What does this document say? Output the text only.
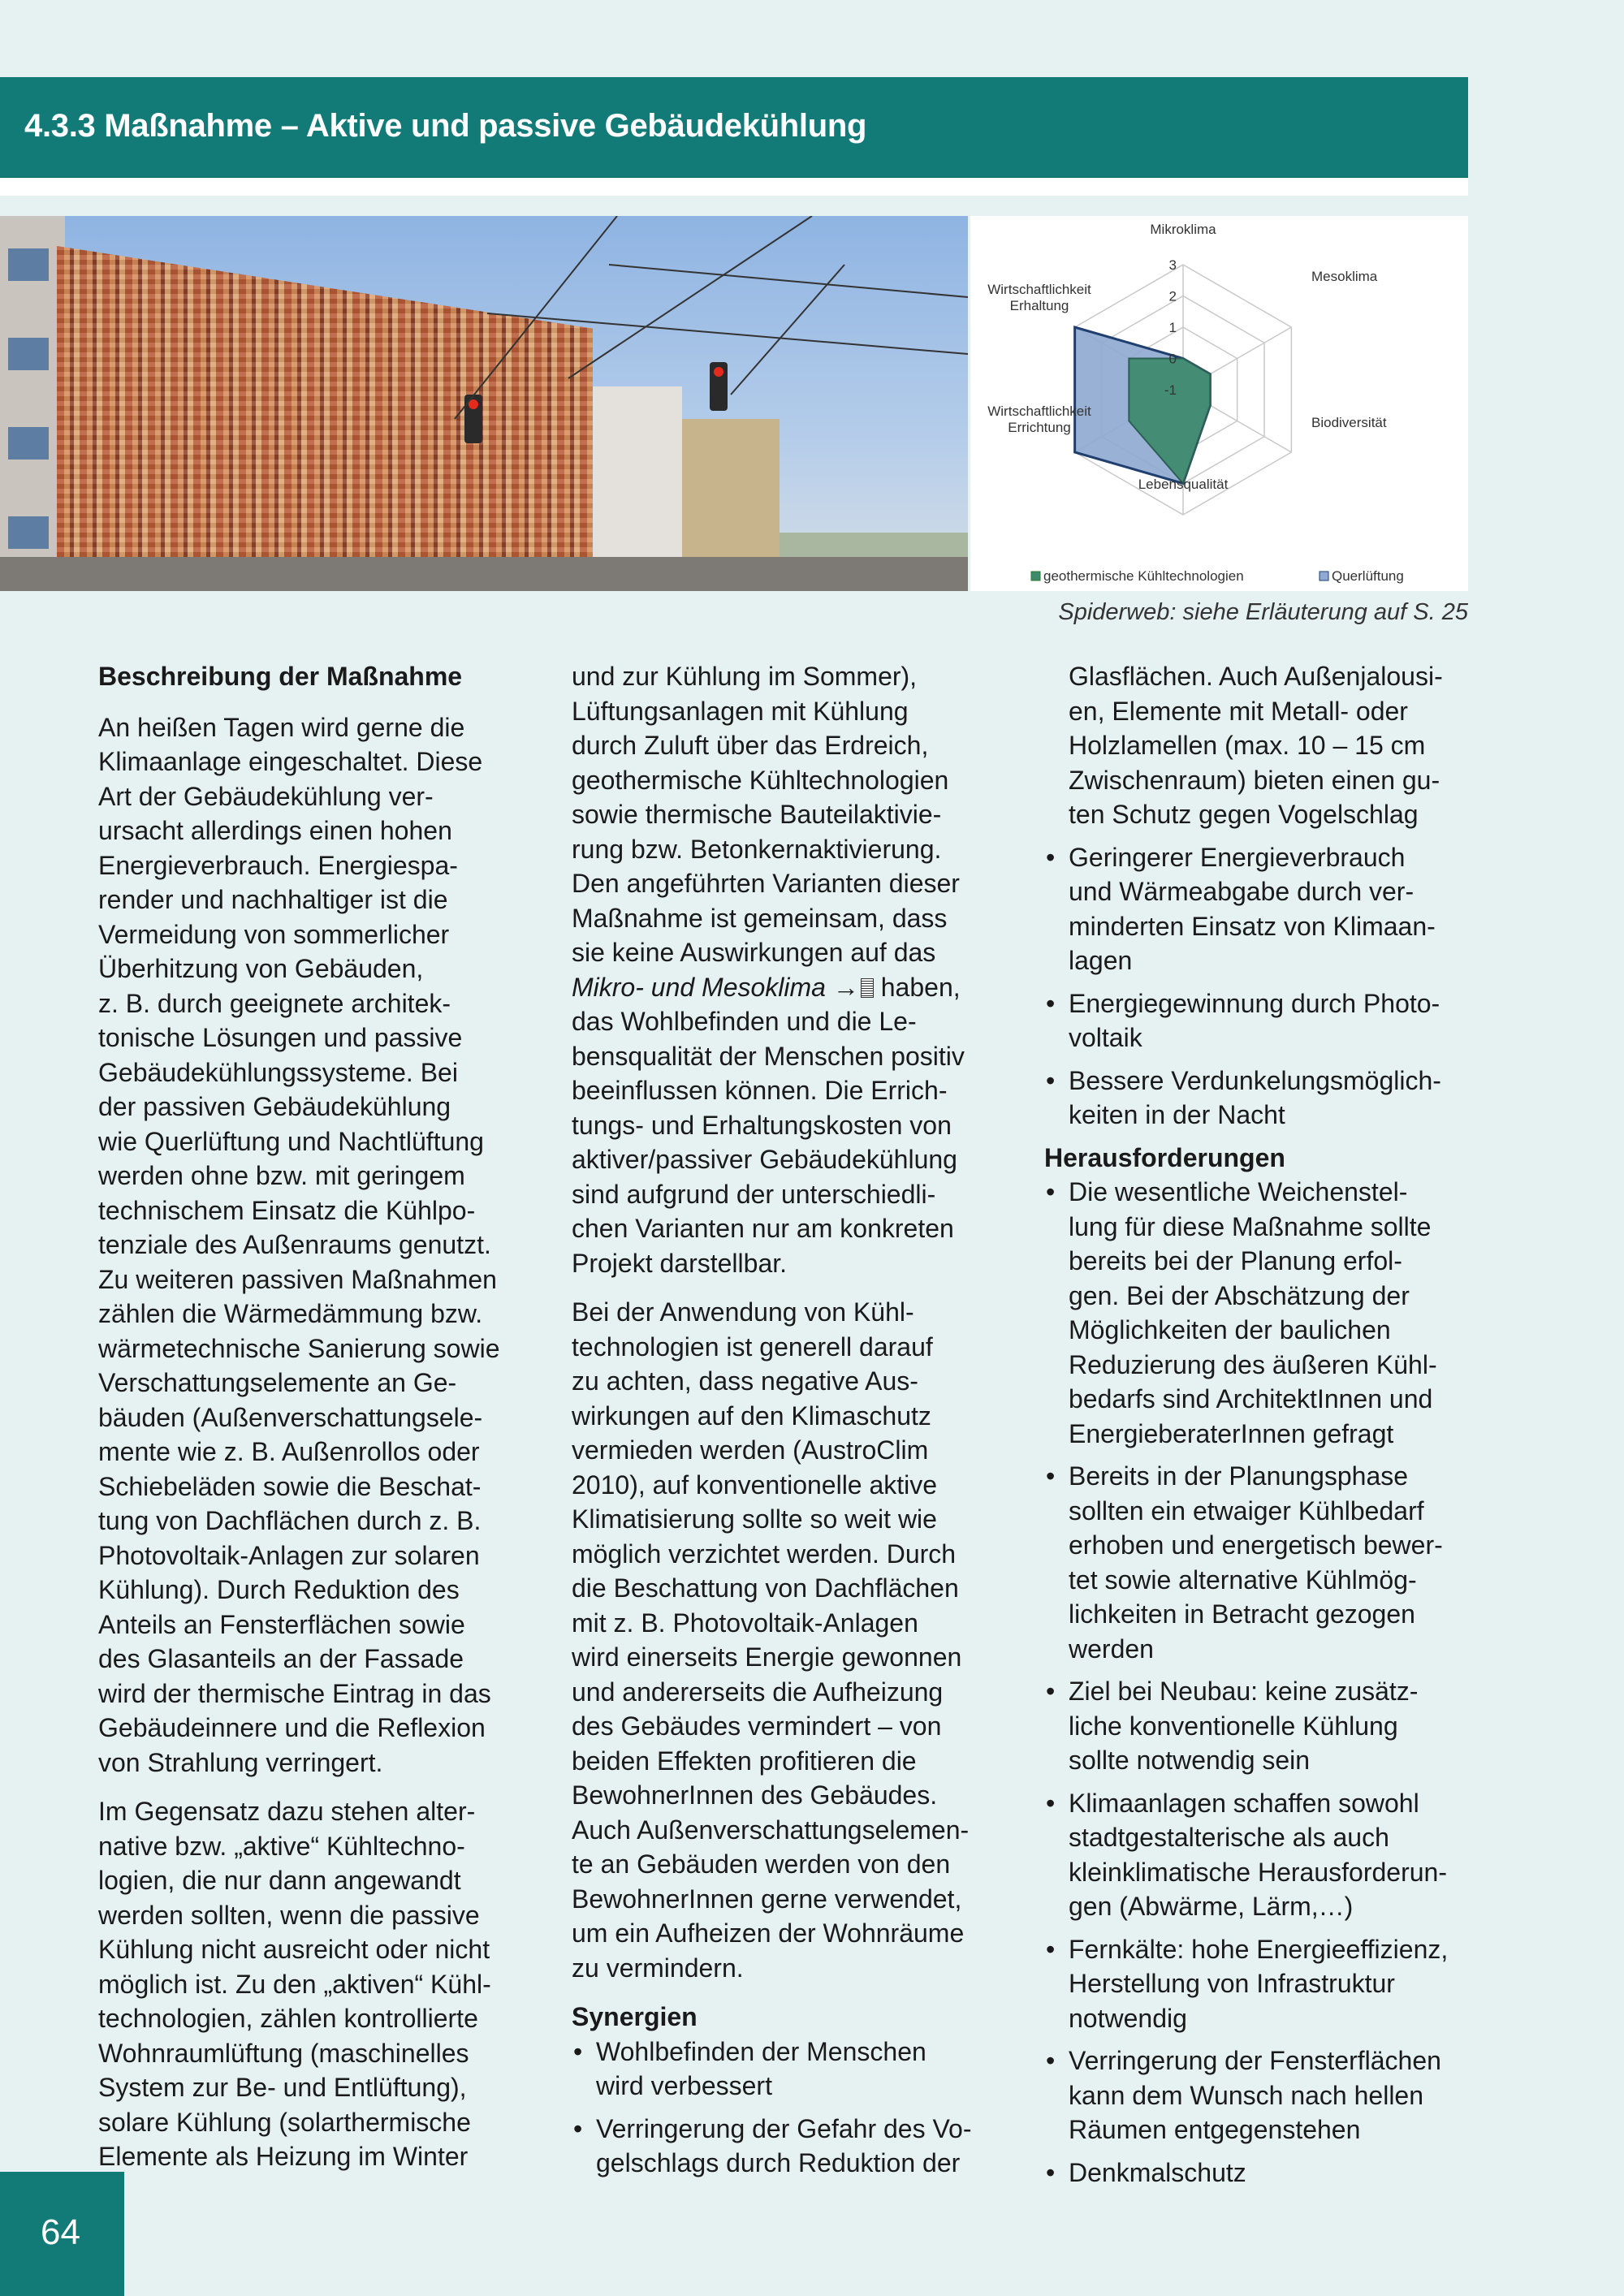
4.3.3 Maßnahme – Aktive und passive Gebäudekühlung
3
2
1
0
-1
Mikroklima
Mesoklima
Biodiversität
Lebensqualität
Wirtschaftlichkeit
Errichtung
Wirtschaftlichkeit
Erhaltung
geothermische Kühltechnologien	Querlüftung
Spiderweb: siehe Erläuterung auf S. 25
Beschreibung der Maßnahme
An heißen Tagen wird gerne die
Klimaanlage eingeschaltet. Diese
Art der Gebäudekühlung ver-
ursacht allerdings einen hohen
Energieverbrauch. Energiespa-
render und nachhaltiger ist die
Vermeidung von sommerlicher
Überhitzung von Gebäuden,
z. B. durch geeignete architek-
tonische Lösungen und passive
Gebäudekühlungssysteme. Bei
der passiven Gebäudekühlung
wie Querlüftung und Nachtlüftung
werden ohne bzw. mit geringem
technischem Einsatz die Kühlpo-
tenziale des Außenraums genutzt.
Zu weiteren passiven Maßnahmen
zählen die Wärmedämmung bzw.
wärmetechnische Sanierung sowie
Verschattungselemente an Ge-
bäuden (Außenverschattungsele-
mente wie z. B. Außenrollos oder
Schiebeläden sowie die Beschat-
tung von Dachflächen durch z. B.
Photovoltaik-Anlagen zur solaren
Kühlung). Durch Reduktion des
Anteils an Fensterflächen sowie
des Glasanteils an der Fassade
wird der thermische Eintrag in das
Gebäudeinnere und die Reflexion
von Strahlung verringert.
Im Gegensatz dazu stehen alter-
native bzw. „aktive“ Kühltechno-
logien, die nur dann angewandt
werden sollten, wenn die passive
Kühlung nicht ausreicht oder nicht
möglich ist. Zu den „aktiven“ Kühl-
technologien, zählen kontrollierte
Wohnraumlüftung (maschinelles
System zur Be- und Entlüftung),
solare Kühlung (solarthermische
Elemente als Heizung im Winter
und zur Kühlung im Sommer),
Lüftungsanlagen mit Kühlung
durch Zuluft über das Erdreich,
geothermische Kühltechnologien
sowie thermische Bauteilaktivie-
rung bzw. Betonkernaktivierung.
Den angeführten Varianten dieser
Maßnahme ist gemeinsam, dass
sie keine Auswirkungen auf das
Mikro- und Mesoklima → haben,
das Wohlbefinden und die Le-
bensqualität der Menschen positiv
beeinflussen können. Die Errich-
tungs- und Erhaltungskosten von
aktiver/passiver Gebäudekühlung
sind aufgrund der unterschiedli-
chen Varianten nur am konkreten
Projekt darstellbar.
Bei der Anwendung von Kühl-
technologien ist generell darauf
zu achten, dass negative Aus-
wirkungen auf den Klimaschutz
vermieden werden (AustroClim
2010), auf konventionelle aktive
Klimatisierung sollte so weit wie
möglich verzichtet werden. Durch
die Beschattung von Dachflächen
mit z. B. Photovoltaik-Anlagen
wird einerseits Energie gewonnen
und andererseits die Aufheizung
des Gebäudes vermindert – von
beiden Effekten profitieren die
BewohnerInnen des Gebäudes.
Auch Außenverschattungselemen-
te an Gebäuden werden von den
BewohnerInnen gerne verwendet,
um ein Aufheizen der Wohnräume
zu vermindern.
Synergien
• Wohlbefinden der Menschen
wird verbessert
• Verringerung der Gefahr des Vo-
gelschlags durch Reduktion der
Glasflächen. Auch Außenjalousi-
en, Elemente mit Metall- oder
Holzlamellen (max. 10 – 15 cm
Zwischenraum) bieten einen gu-
ten Schutz gegen Vogelschlag
• Geringerer Energieverbrauch
und Wärmeabgabe durch ver-
minderten Einsatz von Klimaan-
lagen
• Energiegewinnung durch Photo-
voltaik
• Bessere Verdunkelungsmöglich-
keiten in der Nacht
Herausforderungen
• Die wesentliche Weichenstel-
lung für diese Maßnahme sollte
bereits bei der Planung erfol-
gen. Bei der Abschätzung der
Möglichkeiten der baulichen
Reduzierung des äußeren Kühl-
bedarfs sind ArchitektInnen und
EnergieberaterInnen gefragt
• Bereits in der Planungsphase
sollten ein etwaiger Kühlbedarf
erhoben und energetisch bewer-
tet sowie alternative Kühlmög-
lichkeiten in Betracht gezogen
werden
• Ziel bei Neubau: keine zusätz-
liche konventionelle Kühlung
sollte notwendig sein
• Klimaanlagen schaffen sowohl
stadtgestalterische als auch
kleinklimatische Herausforderun-
gen (Abwärme, Lärm,…)
• Fernkälte: hohe Energieeffizienz,
Herstellung von Infrastruktur
notwendig
• Verringerung der Fensterflächen
kann dem Wunsch nach hellen
Räumen entgegenstehen
• Denkmalschutz
64
